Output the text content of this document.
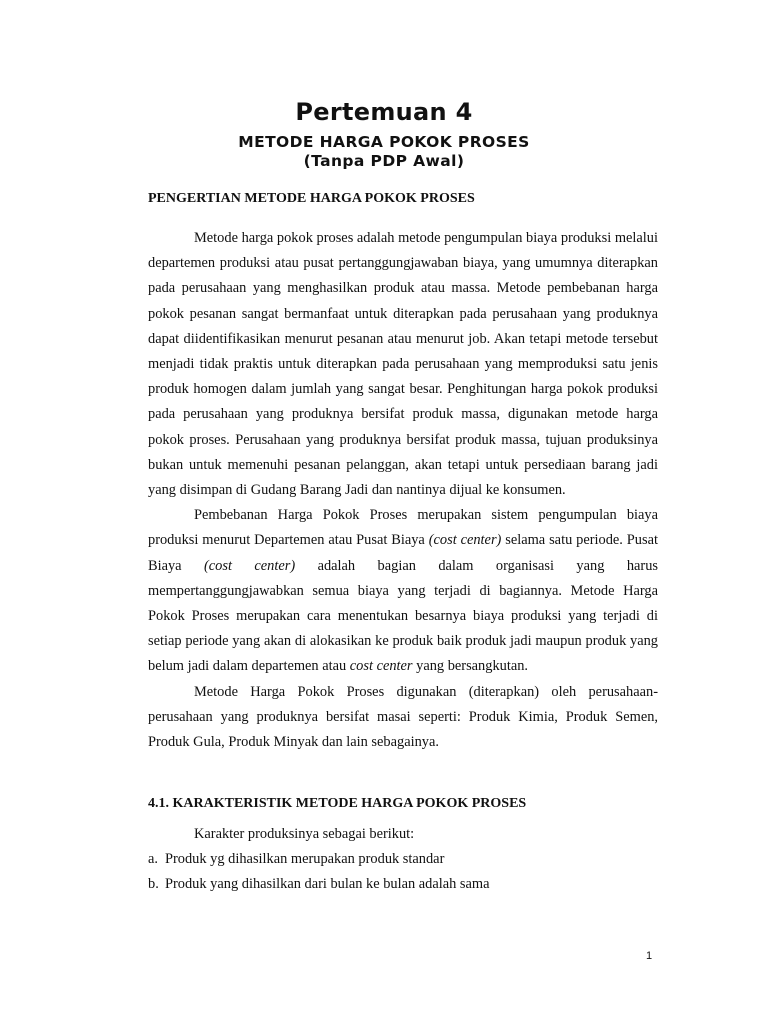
Pertemuan 4
METODE HARGA POKOK PROSES
(Tanpa PDP Awal)
PENGERTIAN METODE HARGA POKOK PROSES

Metode harga pokok proses adalah metode pengumpulan biaya produksi melalui departemen produksi atau pusat pertanggungjawaban biaya, yang umumnya diterapkan pada perusahaan yang menghasilkan produk atau massa. Metode pembebanan harga pokok pesanan sangat bermanfaat untuk diterapkan pada perusahaan yang produknya dapat diidentifikasikan menurut pesanan atau menurut job. Akan tetapi metode tersebut menjadi tidak praktis untuk diterapkan pada perusahaan yang memproduksi satu jenis produk homogen dalam jumlah yang sangat besar. Penghitungan harga pokok produksi pada perusahaan yang produknya bersifat produk massa, digunakan metode harga pokok proses. Perusahaan yang produknya bersifat produk massa, tujuan produksinya bukan untuk memenuhi pesanan pelanggan, akan tetapi untuk persediaan barang jadi yang disimpan di Gudang Barang Jadi dan nantinya dijual ke konsumen.

Pembebanan Harga Pokok Proses merupakan sistem pengumpulan biaya produksi menurut Departemen atau Pusat Biaya (cost center) selama satu periode. Pusat Biaya (cost center) adalah bagian dalam organisasi yang harus mempertanggungjawabkan semua biaya yang terjadi di bagiannya. Metode Harga Pokok Proses merupakan cara menentukan besarnya biaya produksi yang terjadi di setiap periode yang akan di alokasikan ke produk baik produk jadi maupun produk yang belum jadi dalam departemen atau cost center yang bersangkutan.

Metode Harga Pokok Proses digunakan (diterapkan) oleh perusahaan-perusahaan yang produknya bersifat masai seperti: Produk Kimia, Produk Semen, Produk Gula, Produk Minyak dan lain sebagainya.

4.1. KARAKTERISTIK METODE HARGA POKOK PROSES
Karakter produksinya sebagai berikut:
a. Produk yg dihasilkan merupakan produk standar
b. Produk yang dihasilkan dari bulan ke bulan adalah sama
1
